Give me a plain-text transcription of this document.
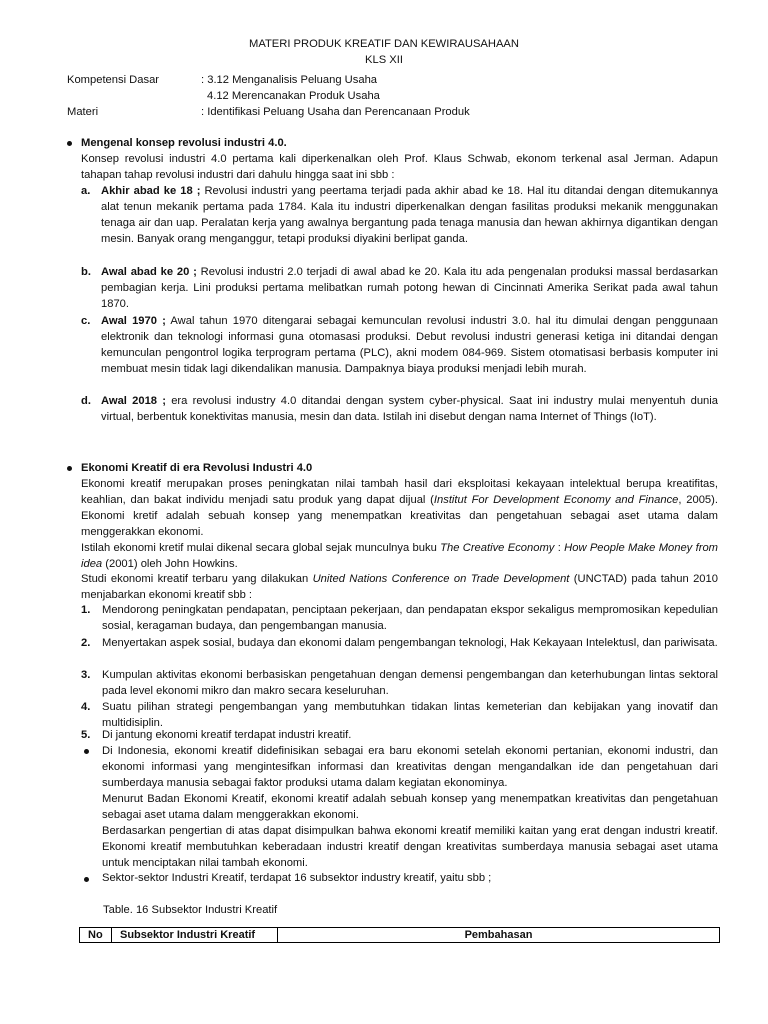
MATERI PRODUK KREATIF DAN KEWIRAUSAHAAN
KLS XII
Kompetensi Dasar	: 3.12 Menganalisis Peluang Usaha
4.12 Merencanakan Produk Usaha
Materi	: Identifikasi Peluang Usaha dan Perencanaan Produk
Mengenal konsep revolusi industri 4.0.
Konsep revolusi industri 4.0 pertama kali diperkenalkan oleh Prof. Klaus Schwab, ekonom terkenal asal Jerman. Adapun tahapan tahap revolusi industri dari dahulu hingga saat ini sbb :
a. Akhir abad ke 18 ; Revolusi industri yang peertama terjadi pada akhir abad ke 18. Hal itu ditandai dengan ditemukannya alat tenun mekanik pertama pada 1784. Kala itu industri diperkenalkan dengan fasilitas produksi mekanik menggunakan tenaga air dan uap. Peralatan kerja yang awalnya bergantung pada tenaga manusia dan hewan akhirnya digantikan dengan mesin. Banyak orang menganggur, tetapi produksi diyakini berlipat ganda.
b. Awal abad ke 20 ; Revolusi industri 2.0 terjadi di awal abad ke 20. Kala itu ada pengenalan produksi massal berdasarkan pembagian kerja. Lini produksi pertama melibatkan rumah potong hewan di Cincinnati Amerika Serikat pada awal tahun 1870.
c. Awal 1970 ; Awal tahun 1970 ditengarai sebagai kemunculan revolusi industri 3.0. hal itu dimulai dengan penggunaan elektronik dan teknologi informasi guna otomasasi produksi. Debut revolusi industri generasi ketiga ini ditandai dengan kemunculan pengontrol logika terprogram pertama (PLC), akni modem 084-969. Sistem otomatisasi berbasis komputer ini membuat mesin tidak lagi dikendalikan manusia. Dampaknya biaya produksi menjadi lebih murah.
d. Awal 2018 ; era revolusi industry 4.0 ditandai dengan system cyber-physical. Saat ini industry mulai menyentuh dunia virtual, berbentuk konektivitas manusia, mesin dan data. Istilah ini disebut dengan nama Internet of Things (IoT).
Ekonomi Kreatif di era Revolusi Industri 4.0
Ekonomi kreatif merupakan proses peningkatan nilai tambah hasil dari eksploitasi kekayaan intelektual berupa kreatifitas, keahlian, dan bakat individu menjadi satu produk yang dapat dijual (Institut For Development Economy and Finance, 2005). Ekonomi kretif adalah sebuah konsep yang menempatkan kreativitas dan pengetahuan sebagai aset utama dalam menggerakkan ekonomi.
Istilah ekonomi kretif mulai dikenal secara global sejak munculnya buku The Creative Economy : How People Make Money from idea (2001) oleh John Howkins.
Studi ekonomi kreatif terbaru yang dilakukan United Nations Conference on Trade Development (UNCTAD) pada tahun 2010 menjabarkan ekonomi kreatif sbb :
1. Mendorong peningkatan pendapatan, penciptaan pekerjaan, dan pendapatan ekspor sekaligus mempromosikan kepedulian sosial, keragaman budaya, dan pengembangan manusia.
2. Menyertakan aspek sosial, budaya dan ekonomi dalam pengembangan teknologi, Hak Kekayaan Intelektusl, dan pariwisata.
3. Kumpulan aktivitas ekonomi berbasiskan pengetahuan dengan demensi pengembangan dan keterhubungan lintas sektoral pada level ekonomi mikro dan makro secara keseluruhan.
4. Suatu pilihan strategi pengembangan yang membutuhkan tidakan lintas kemeterian dan kebijakan yang inovatif dan multidisiplin.
5. Di jantung ekonomi kreatif terdapat industri kreatif.
Di Indonesia, ekonomi kreatif didefinisikan sebagai era baru ekonomi setelah ekonomi pertanian, ekonomi industri, dan ekonomi informasi yang mengintesifkan informasi dan kreativitas dengan mengandalkan ide dan pengetahuan dari sumberdaya manusia sebagai faktor produksi utama dalam kegiatan ekonominya.
Menurut Badan Ekonomi Kreatif, ekonomi kreatif adalah sebuah konsep yang menempatkan kreativitas dan pengetahuan sebagai aset utama dalam menggerakkan ekonomi.
Berdasarkan pengertian di atas dapat disimpulkan bahwa ekonomi kreatif memiliki kaitan yang erat dengan industri kreatif. Ekonomi kreatif membutuhkan keberadaan industri kreatif dengan kreativitas sumberdaya manusia sebagai aset utama untuk menciptakan nilai tambah ekonomi.
Sektor-sektor Industri Kreatif, terdapat 16 subsektor industry kreatif, yaitu sbb ;
Table. 16 Subsektor Industri Kreatif
No	Subsektor Industri Kreatif	Pembahasan
